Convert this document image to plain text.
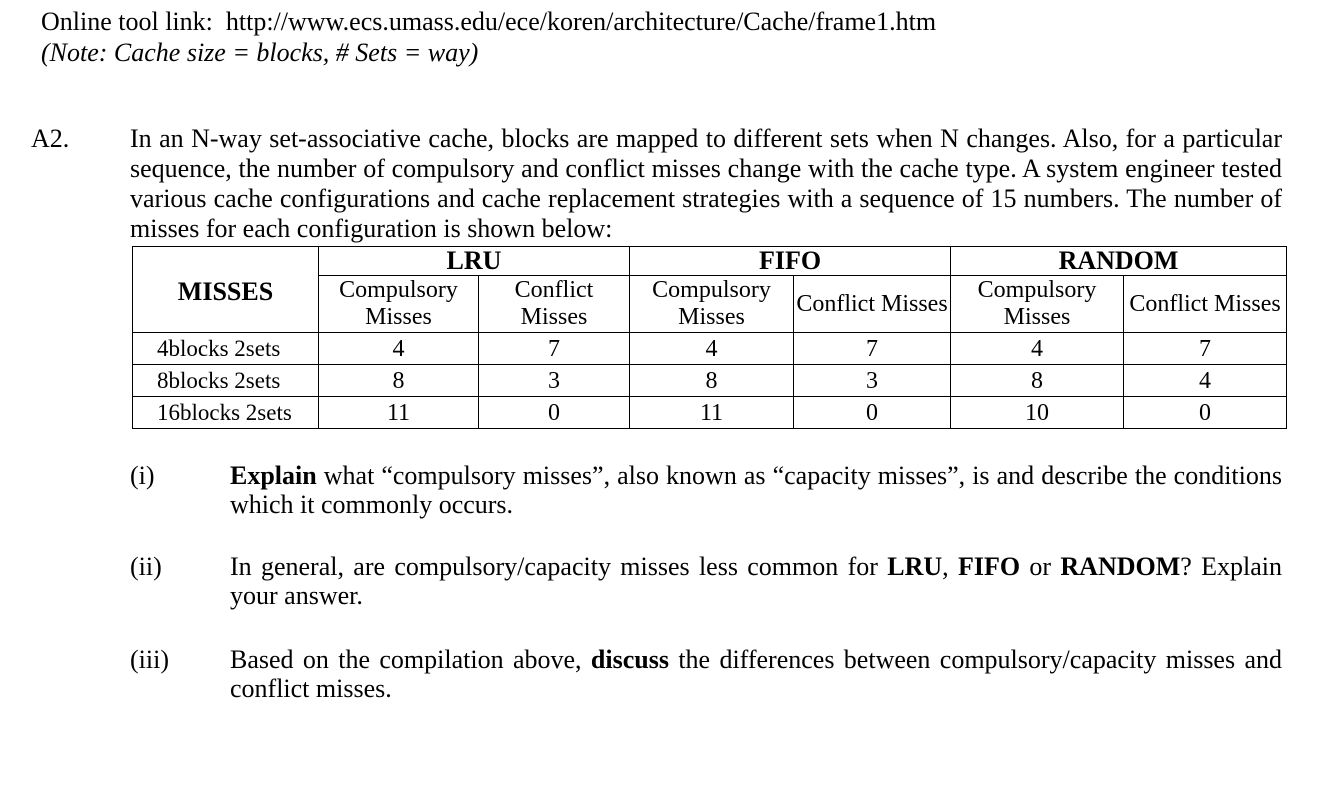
Online tool link: http://www.ecs.umass.edu/ece/koren/architecture/Cache/frame1.htm
(Note: Cache size = blocks, # Sets = way)
A2. In an N-way set-associative cache, blocks are mapped to different sets when N changes. Also, for a particular sequence, the number of compulsory and conflict misses change with the cache type. A system engineer tested various cache configurations and cache replacement strategies with a sequence of 15 numbers. The number of misses for each configuration is shown below:
MISSES	LRU		FIFO		RANDOM	
	Compulsory Misses	Conflict Misses	Compulsory Misses	Conflict Misses	Compulsory Misses	Conflict Misses
4blocks 2sets	4	7	4	7	4	7
8blocks 2sets	8	3	8	3	8	4
16blocks 2sets	11	0	11	0	10	0
(i)	Explain what “compulsory misses”, also known as “capacity misses”, is and describe the conditions which it commonly occurs.
(ii)	In general, are compulsory/capacity misses less common for LRU, FIFO or RANDOM? Explain your answer.
(iii) Based on the compilation above, discuss the differences between compulsory/capacity misses and conflict misses.
